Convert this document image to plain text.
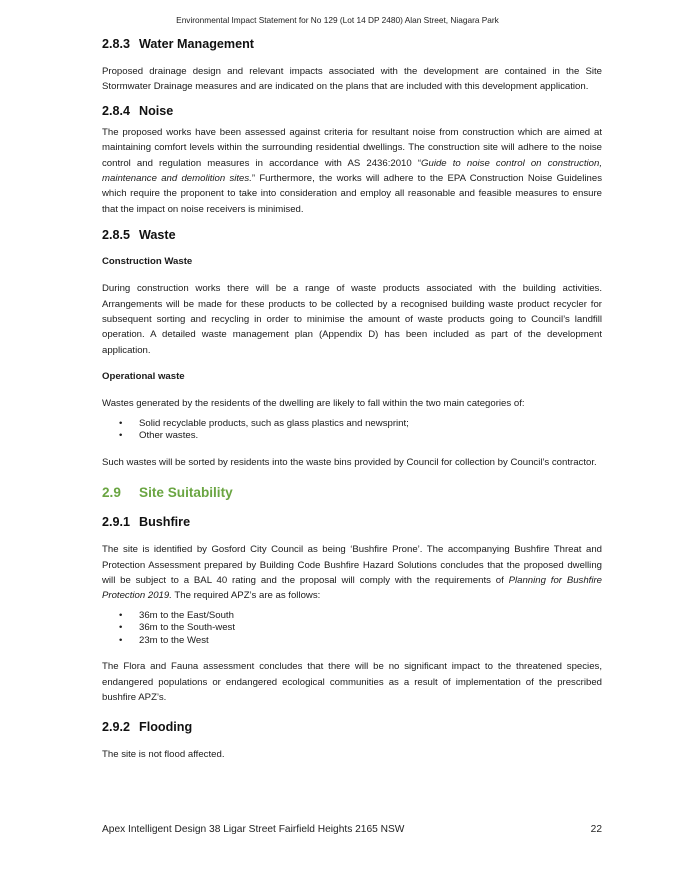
Environmental Impact Statement for No 129 (Lot 14 DP 2480) Alan Street, Niagara Park
2.8.3 Water Management

Proposed drainage design and relevant impacts associated with the development are contained in the Site Stormwater Drainage measures and are indicated on the plans that are included with this development application.

2.8.4 Noise

The proposed works have been assessed against criteria for resultant noise from construction which are aimed at maintaining comfort levels within the surrounding residential dwellings. The construction site will adhere to the noise control and regulation measures in accordance with AS 2436:2010 “Guide to noise control on construction, maintenance and demolition sites.” Furthermore, the works will adhere to the EPA Construction Noise Guidelines which require the proponent to take into consideration and employ all reasonable and feasible measures to ensure that the impact on noise receivers is minimised.

2.8.5 Waste
Construction Waste

During construction works there will be a range of waste products associated with the building activities. Arrangements will be made for these products to be collected by a recognised building waste product recycler for subsequent sorting and recycling in order to minimise the amount of waste products going to Council’s landfill operation. A detailed waste management plan (Appendix D) has been included as part of the development application.

Operational waste

Wastes generated by the residents of the dwelling are likely to fall within the two main categories of:

• Solid recyclable products, such as glass plastics and newsprint;
• Other wastes.

Such wastes will be sorted by residents into the waste bins provided by Council for collection by Council’s contractor.

2.9 Site Suitability
2.9.1 Bushfire

The site is identified by Gosford City Council as being ‘Bushfire Prone’. The accompanying Bushfire Threat and Protection Assessment prepared by Building Code Bushfire Hazard Solutions concludes that the proposed dwelling will be subject to a BAL 40 rating and the proposal will comply with the requirements of Planning for Bushfire Protection 2019. The required APZ’s are as follows:

• 36m to the East/South
• 36m to the South-west
• 23m to the West

The Flora and Fauna assessment concludes that there will be no significant impact to the threatened species, endangered populations or endangered ecological communities as a result of implementation of the prescribed bushfire APZ’s.

2.9.2 Flooding

The site is not flood affected.

Apex Intelligent Design 38 Ligar Street Fairfield Heights 2165 NSW	22
